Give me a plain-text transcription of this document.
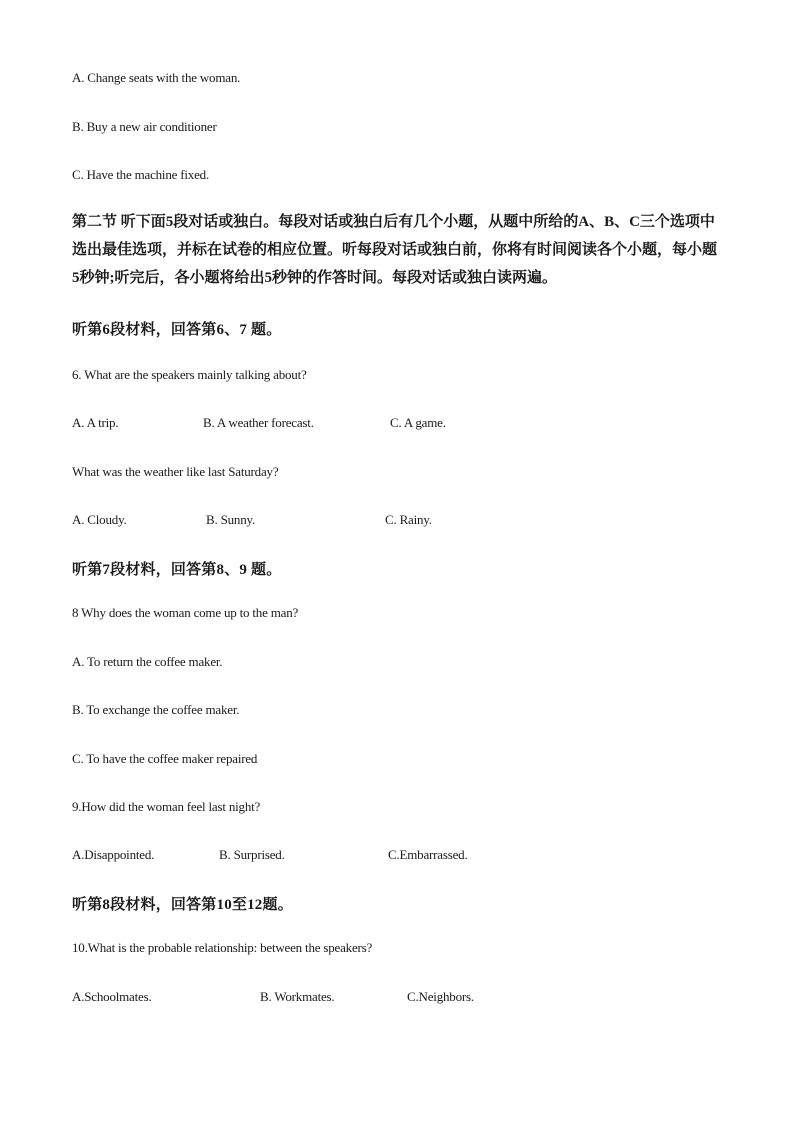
A. Change seats with the woman.
B. Buy a new air conditioner
C. Have the machine fixed.
第二节 听下面5段对话或独白。每段对话或独白后有几个小题，从题中所给的A、B、C三个选项中选出最佳选项，并标在试卷的相应位置。听每段对话或独白前，你将有时间阅读各个小题，每小题5秒钟;听完后，各小题将给出5秒钟的作答时间。每段对话或独白读两遍。
听第6段材料，回答第6、7 题。
6. What are the speakers mainly talking about?
A. A trip.	B. A weather forecast.	C. A game.
What was the weather like last Saturday?
A. Cloudy.	B. Sunny.	C. Rainy.
听第7段材料，回答第8、9 题。
8 Why does the woman come up to the man?
A. To return the coffee maker.
B. To exchange the coffee maker.
C. To have the coffee maker repaired
9.How did the woman feel last night?
A.Disappointed.	B. Surprised.	C.Embarrassed.
听第8段材料，回答第10至12题。
10.What is the probable relationship: between the speakers?
A.Schoolmates.	B. Workmates.	C.Neighbors.
